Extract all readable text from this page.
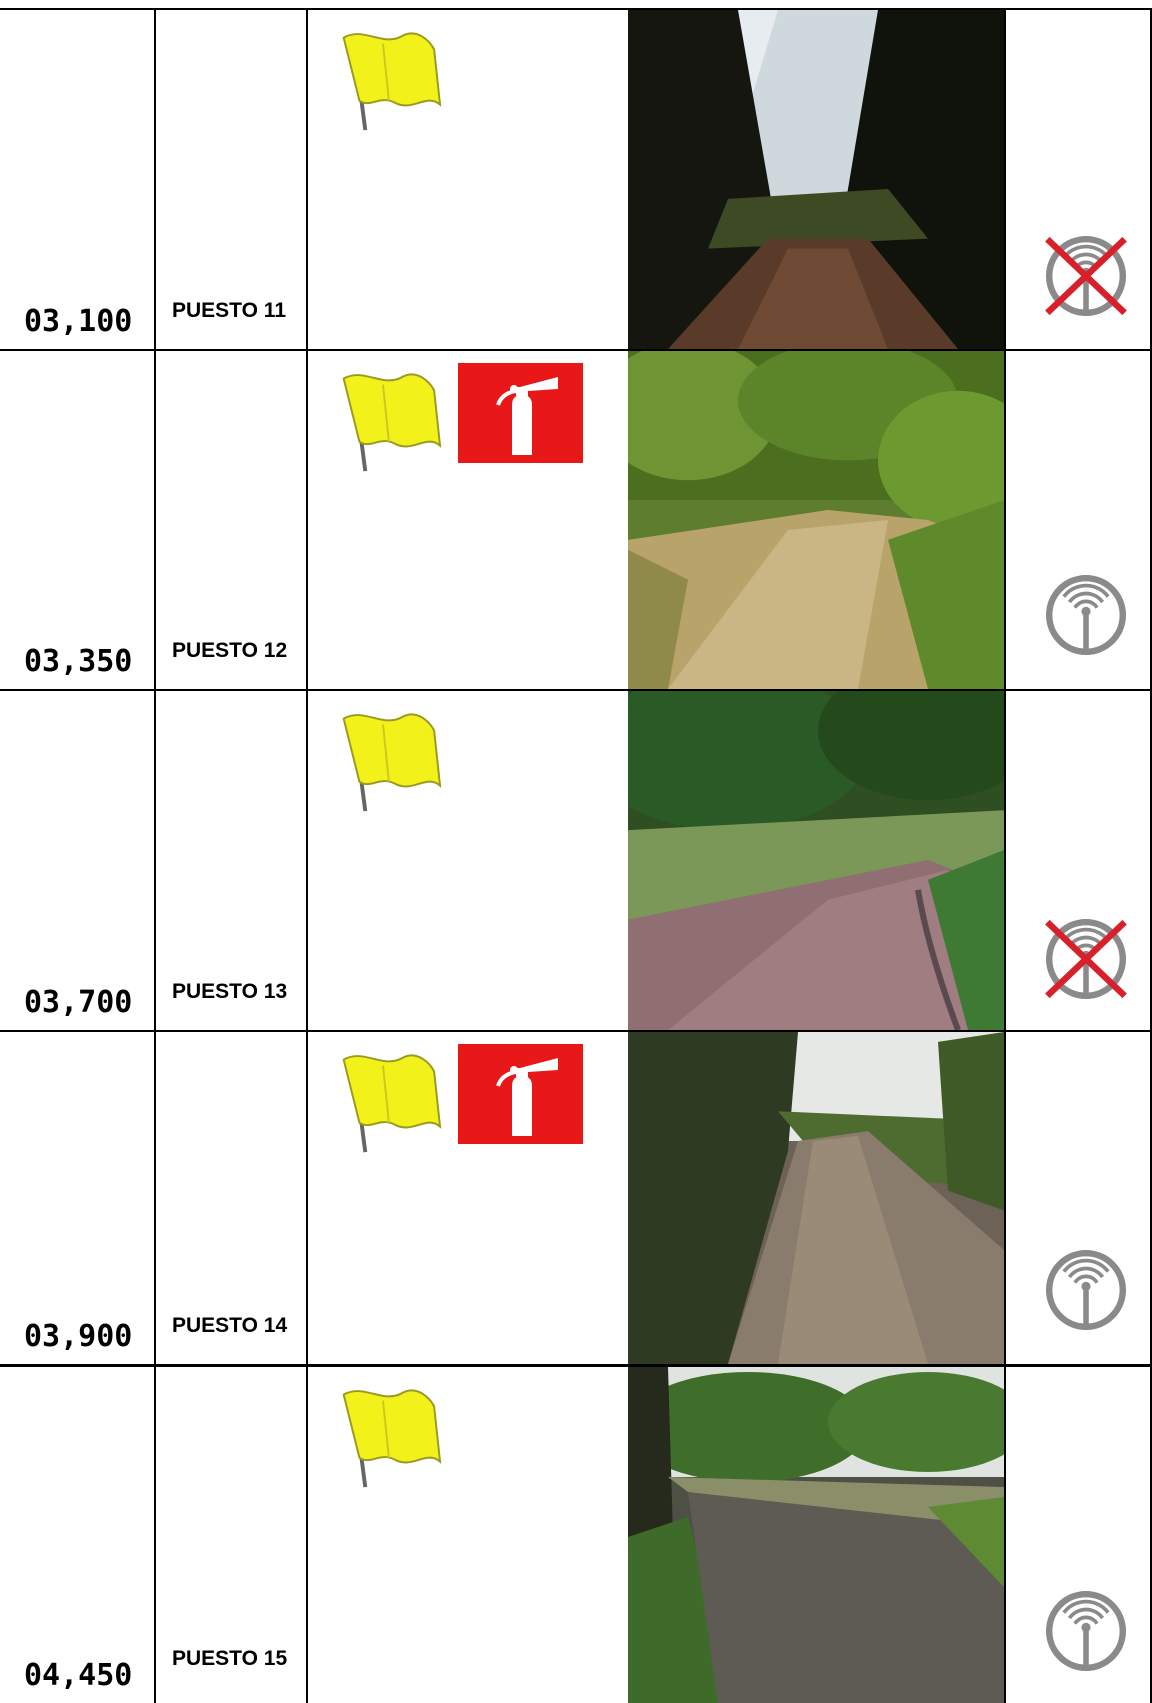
03,100 PUESTO 11
03,350 PUESTO 12
03,700 PUESTO 13
03,900 PUESTO 14
04,450 PUESTO 15
